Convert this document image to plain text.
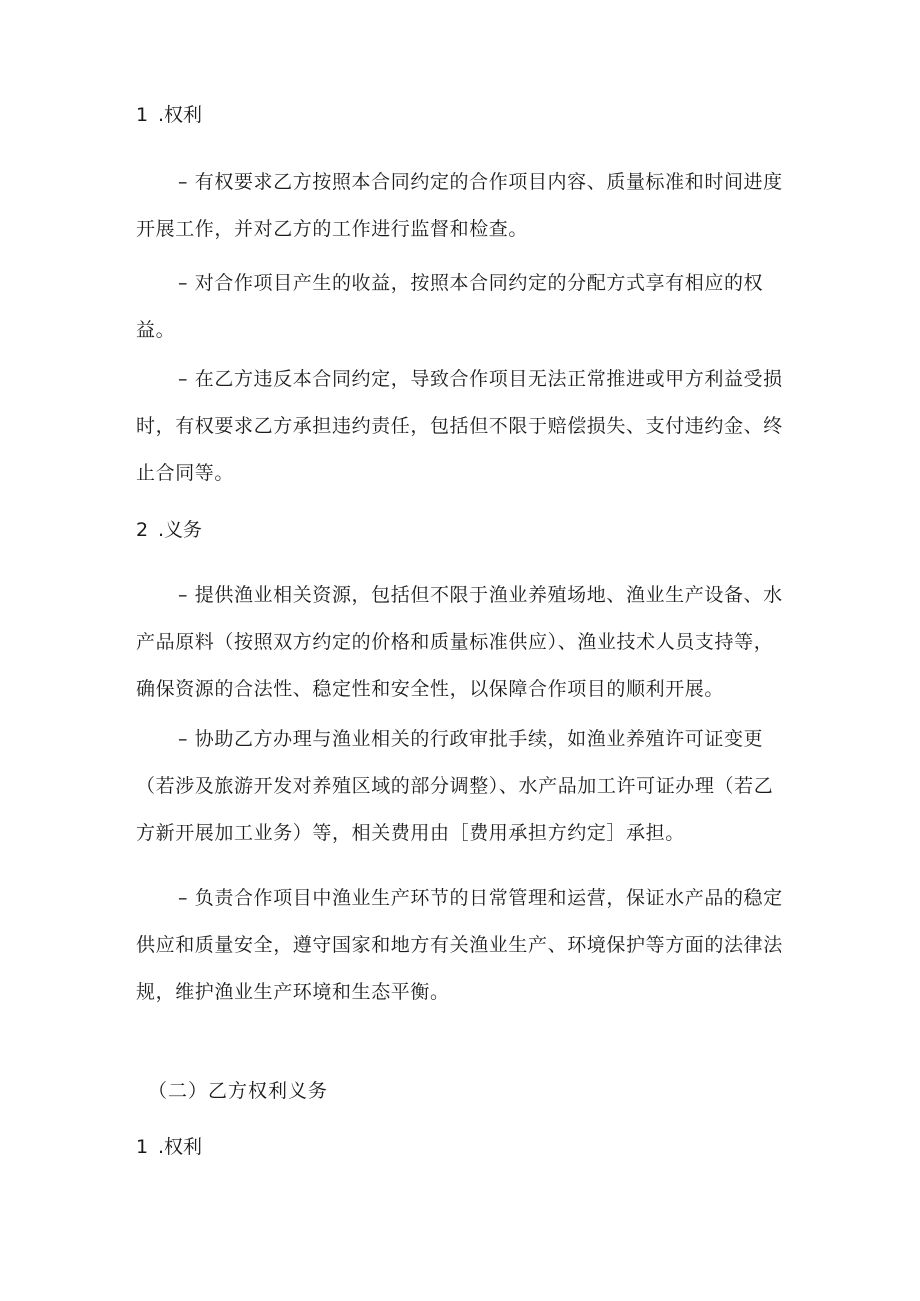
1 .权利

– 有权要求乙方按照本合同约定的合作项目内容、质量标准和时间进度开展工作，并对乙方的工作进行监督和检查。

– 对合作项目产生的收益，按照本合同约定的分配方式享有相应的权益。

– 在乙方违反本合同约定，导致合作项目无法正常推进或甲方利益受损时，有权要求乙方承担违约责任，包括但不限于赔偿损失、支付违约金、终止合同等。

2 .义务

– 提供渔业相关资源，包括但不限于渔业养殖场地、渔业生产设备、水产品原料（按照双方约定的价格和质量标准供应）、渔业技术人员支持等，确保资源的合法性、稳定性和安全性，以保障合作项目的顺利开展。

– 协助乙方办理与渔业相关的行政审批手续，如渔业养殖许可证变更（若涉及旅游开发对养殖区域的部分调整）、水产品加工许可证办理（若乙方新开展加工业务）等，相关费用由［费用承担方约定］承担。

– 负责合作项目中渔业生产环节的日常管理和运营，保证水产品的稳定供应和质量安全，遵守国家和地方有关渔业生产、环境保护等方面的法律法规，维护渔业生产环境和生态平衡。

（二）乙方权利义务
1 .权利
